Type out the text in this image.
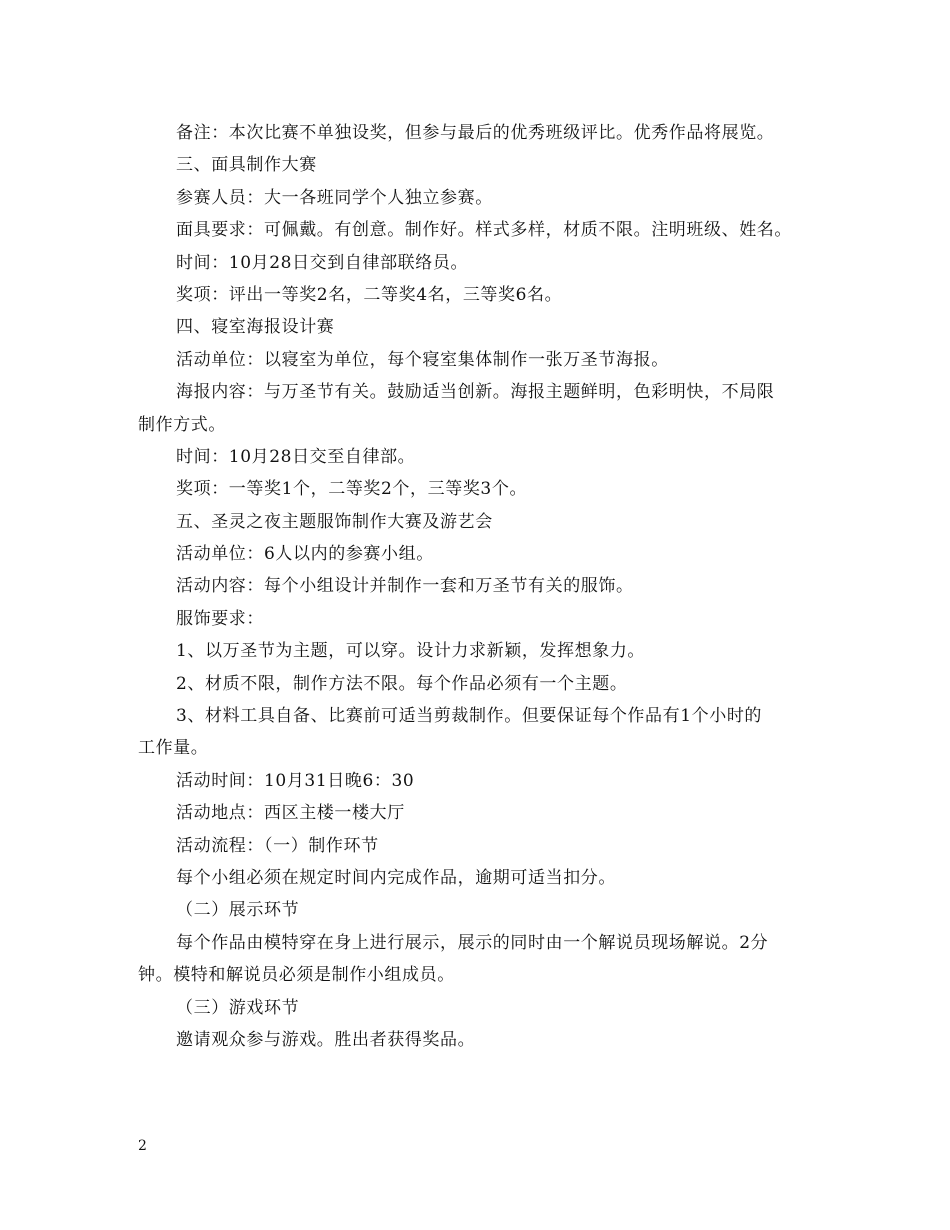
备注：本次比赛不单独设奖，但参与最后的优秀班级评比。优秀作品将展览。
三、面具制作大赛
参赛人员：大一各班同学个人独立参赛。
面具要求：可佩戴。有创意。制作好。样式多样，材质不限。注明班级、姓名。
时间：10月28日交到自律部联络员。
奖项：评出一等奖2名，二等奖4名，三等奖6名。
四、寝室海报设计赛
活动单位：以寝室为单位，每个寝室集体制作一张万圣节海报。
海报内容：与万圣节有关。鼓励适当创新。海报主题鲜明，色彩明快，不局限
制作方式。
时间：10月28日交至自律部。
奖项：一等奖1个，二等奖2个，三等奖3个。
五、圣灵之夜主题服饰制作大赛及游艺会
活动单位：6人以内的参赛小组。
活动内容：每个小组设计并制作一套和万圣节有关的服饰。
服饰要求：
1、以万圣节为主题，可以穿。设计力求新颖，发挥想象力。
2、材质不限，制作方法不限。每个作品必须有一个主题。
3、材料工具自备、比赛前可适当剪裁制作。但要保证每个作品有1个小时的
工作量。
活动时间：10月31日晚6：30
活动地点：西区主楼一楼大厅
活动流程：（一）制作环节
每个小组必须在规定时间内完成作品，逾期可适当扣分。
（二）展示环节
每个作品由模特穿在身上进行展示，展示的同时由一个解说员现场解说。2分
钟。模特和解说员必须是制作小组成员。
（三）游戏环节
邀请观众参与游戏。胜出者获得奖品。
2
